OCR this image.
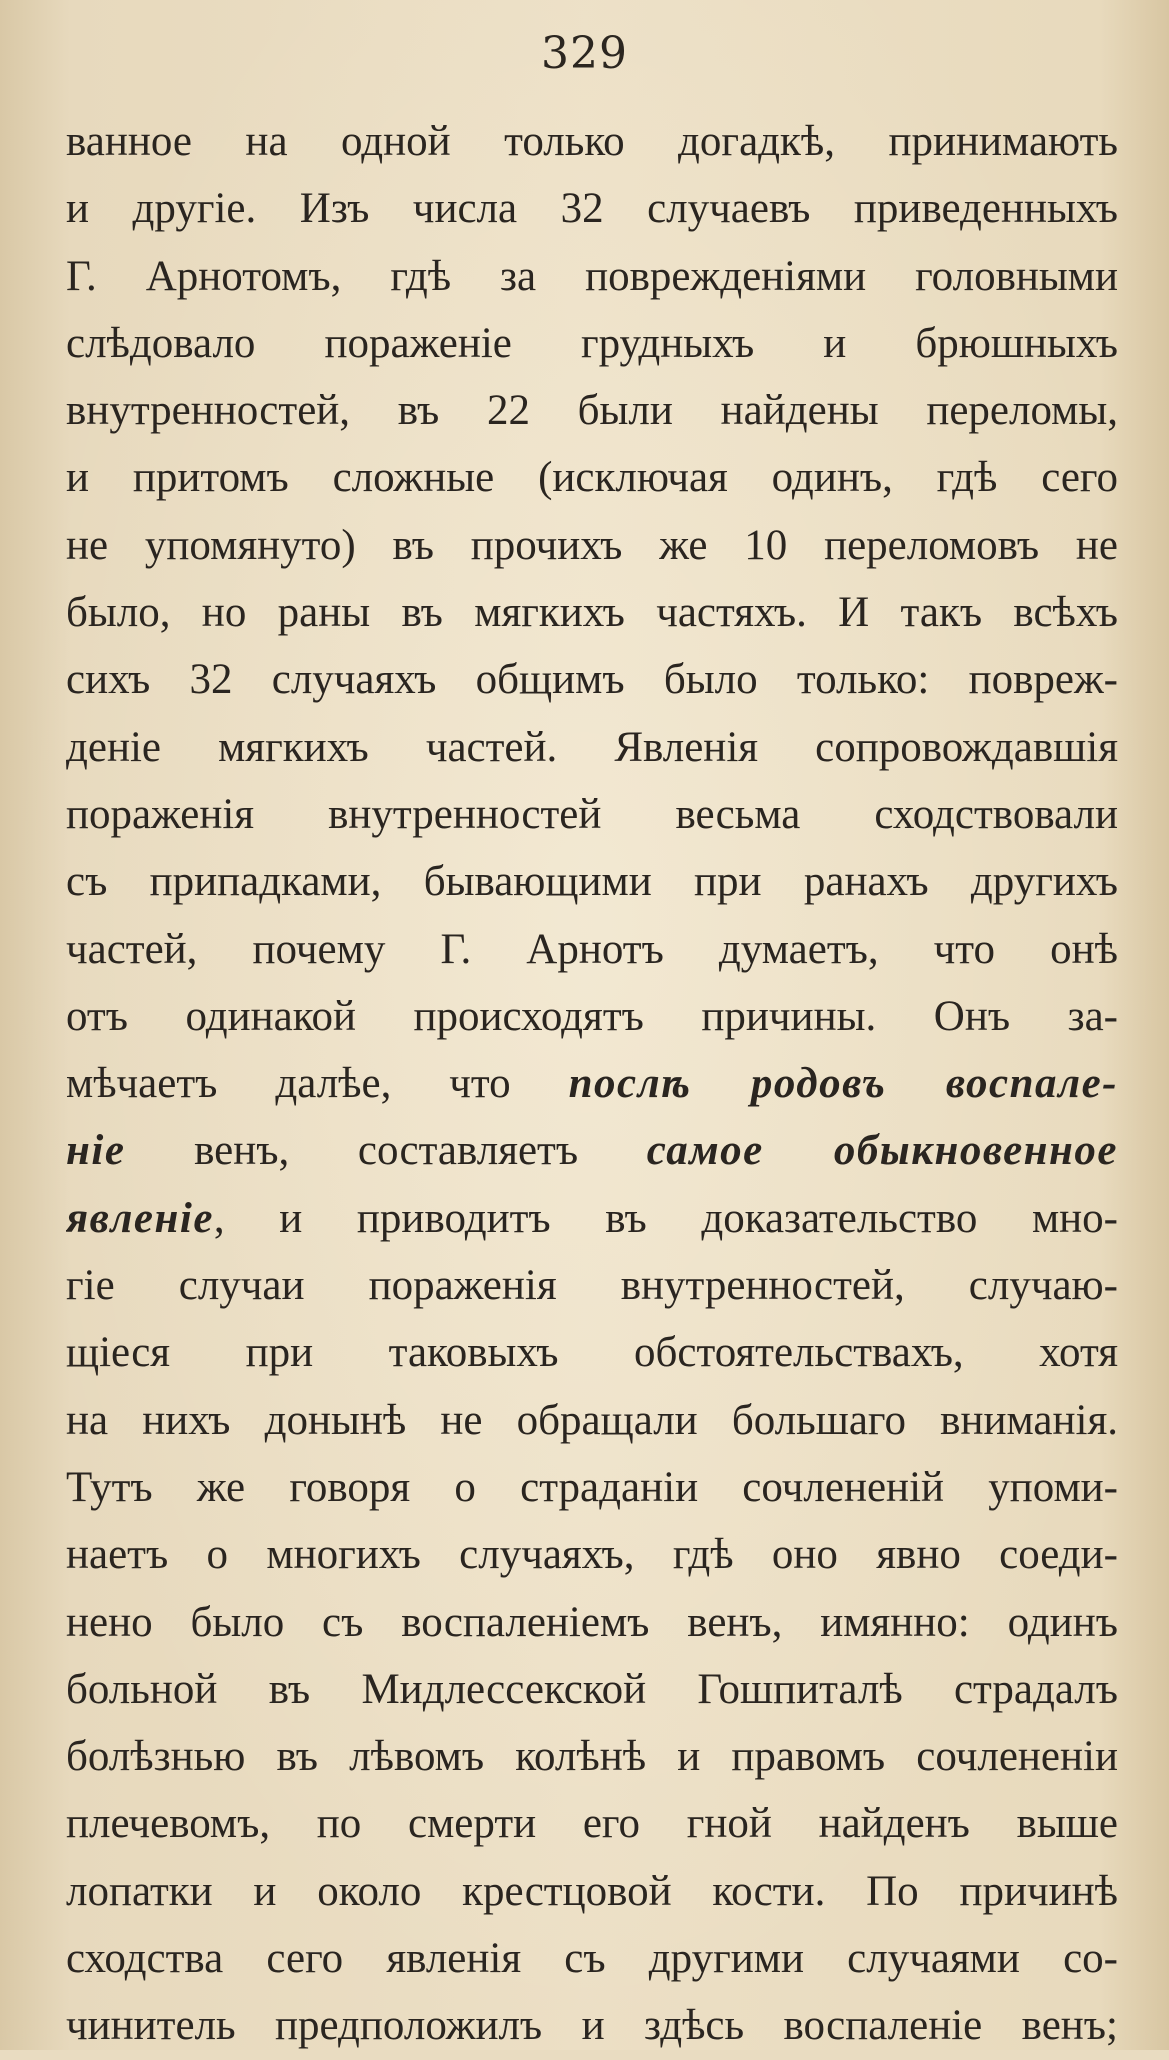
329
ванное на одной только догадкѣ, принимають
и другіе. Изъ числа 32 случаевъ приведенныхъ
Г. Арнотомъ, гдѣ за поврежденіями головными
слѣдовало пораженіе грудныхъ и брюшныхъ
внутренностей, въ 22 были найдены переломы,
и притомъ сложные (исключая одинъ, гдѣ сего
не упомянуто) въ прочихъ же 10 переломовъ не
было, но раны въ мягкихъ частяхъ. И такъ всѣхъ
сихъ 32 случаяхъ общимъ было только: повреж-
деніе мягкихъ частей. Явленія сопровождавшія
пораженія внутренностей весьма сходствовали
съ припадками, бывающими при ранахъ другихъ
частей, почему Г. Арнотъ думаетъ, что онѣ
отъ одинакой происходятъ причины. Онъ за-
мѣчаетъ далѣе, что послѣ родовъ воспале-
ніе венъ, составляетъ самое обыкновенное
явленіе, и приводитъ въ доказательство мно-
гіе случаи пораженія внутренностей, случаю-
щіеся при таковыхъ обстоятельствахъ, хотя
на нихъ донынѣ не обращали большаго вниманія.
Тутъ же говоря о страданіи сочлененій упоми-
наетъ о многихъ случаяхъ, гдѣ оно явно соеди-
нено было съ воспаленіемъ венъ, имянно: одинъ
больной въ Мидлессекской Гошпиталѣ страдалъ
болѣзнью въ лѣвомъ колѣнѣ и правомъ сочлененіи
плечевомъ, по смерти его гной найденъ выше
лопатки и около крестцовой кости. По причинѣ
сходства сего явленія съ другими случаями со-
чинитель предположилъ и здѣсь воспаленіе венъ;
